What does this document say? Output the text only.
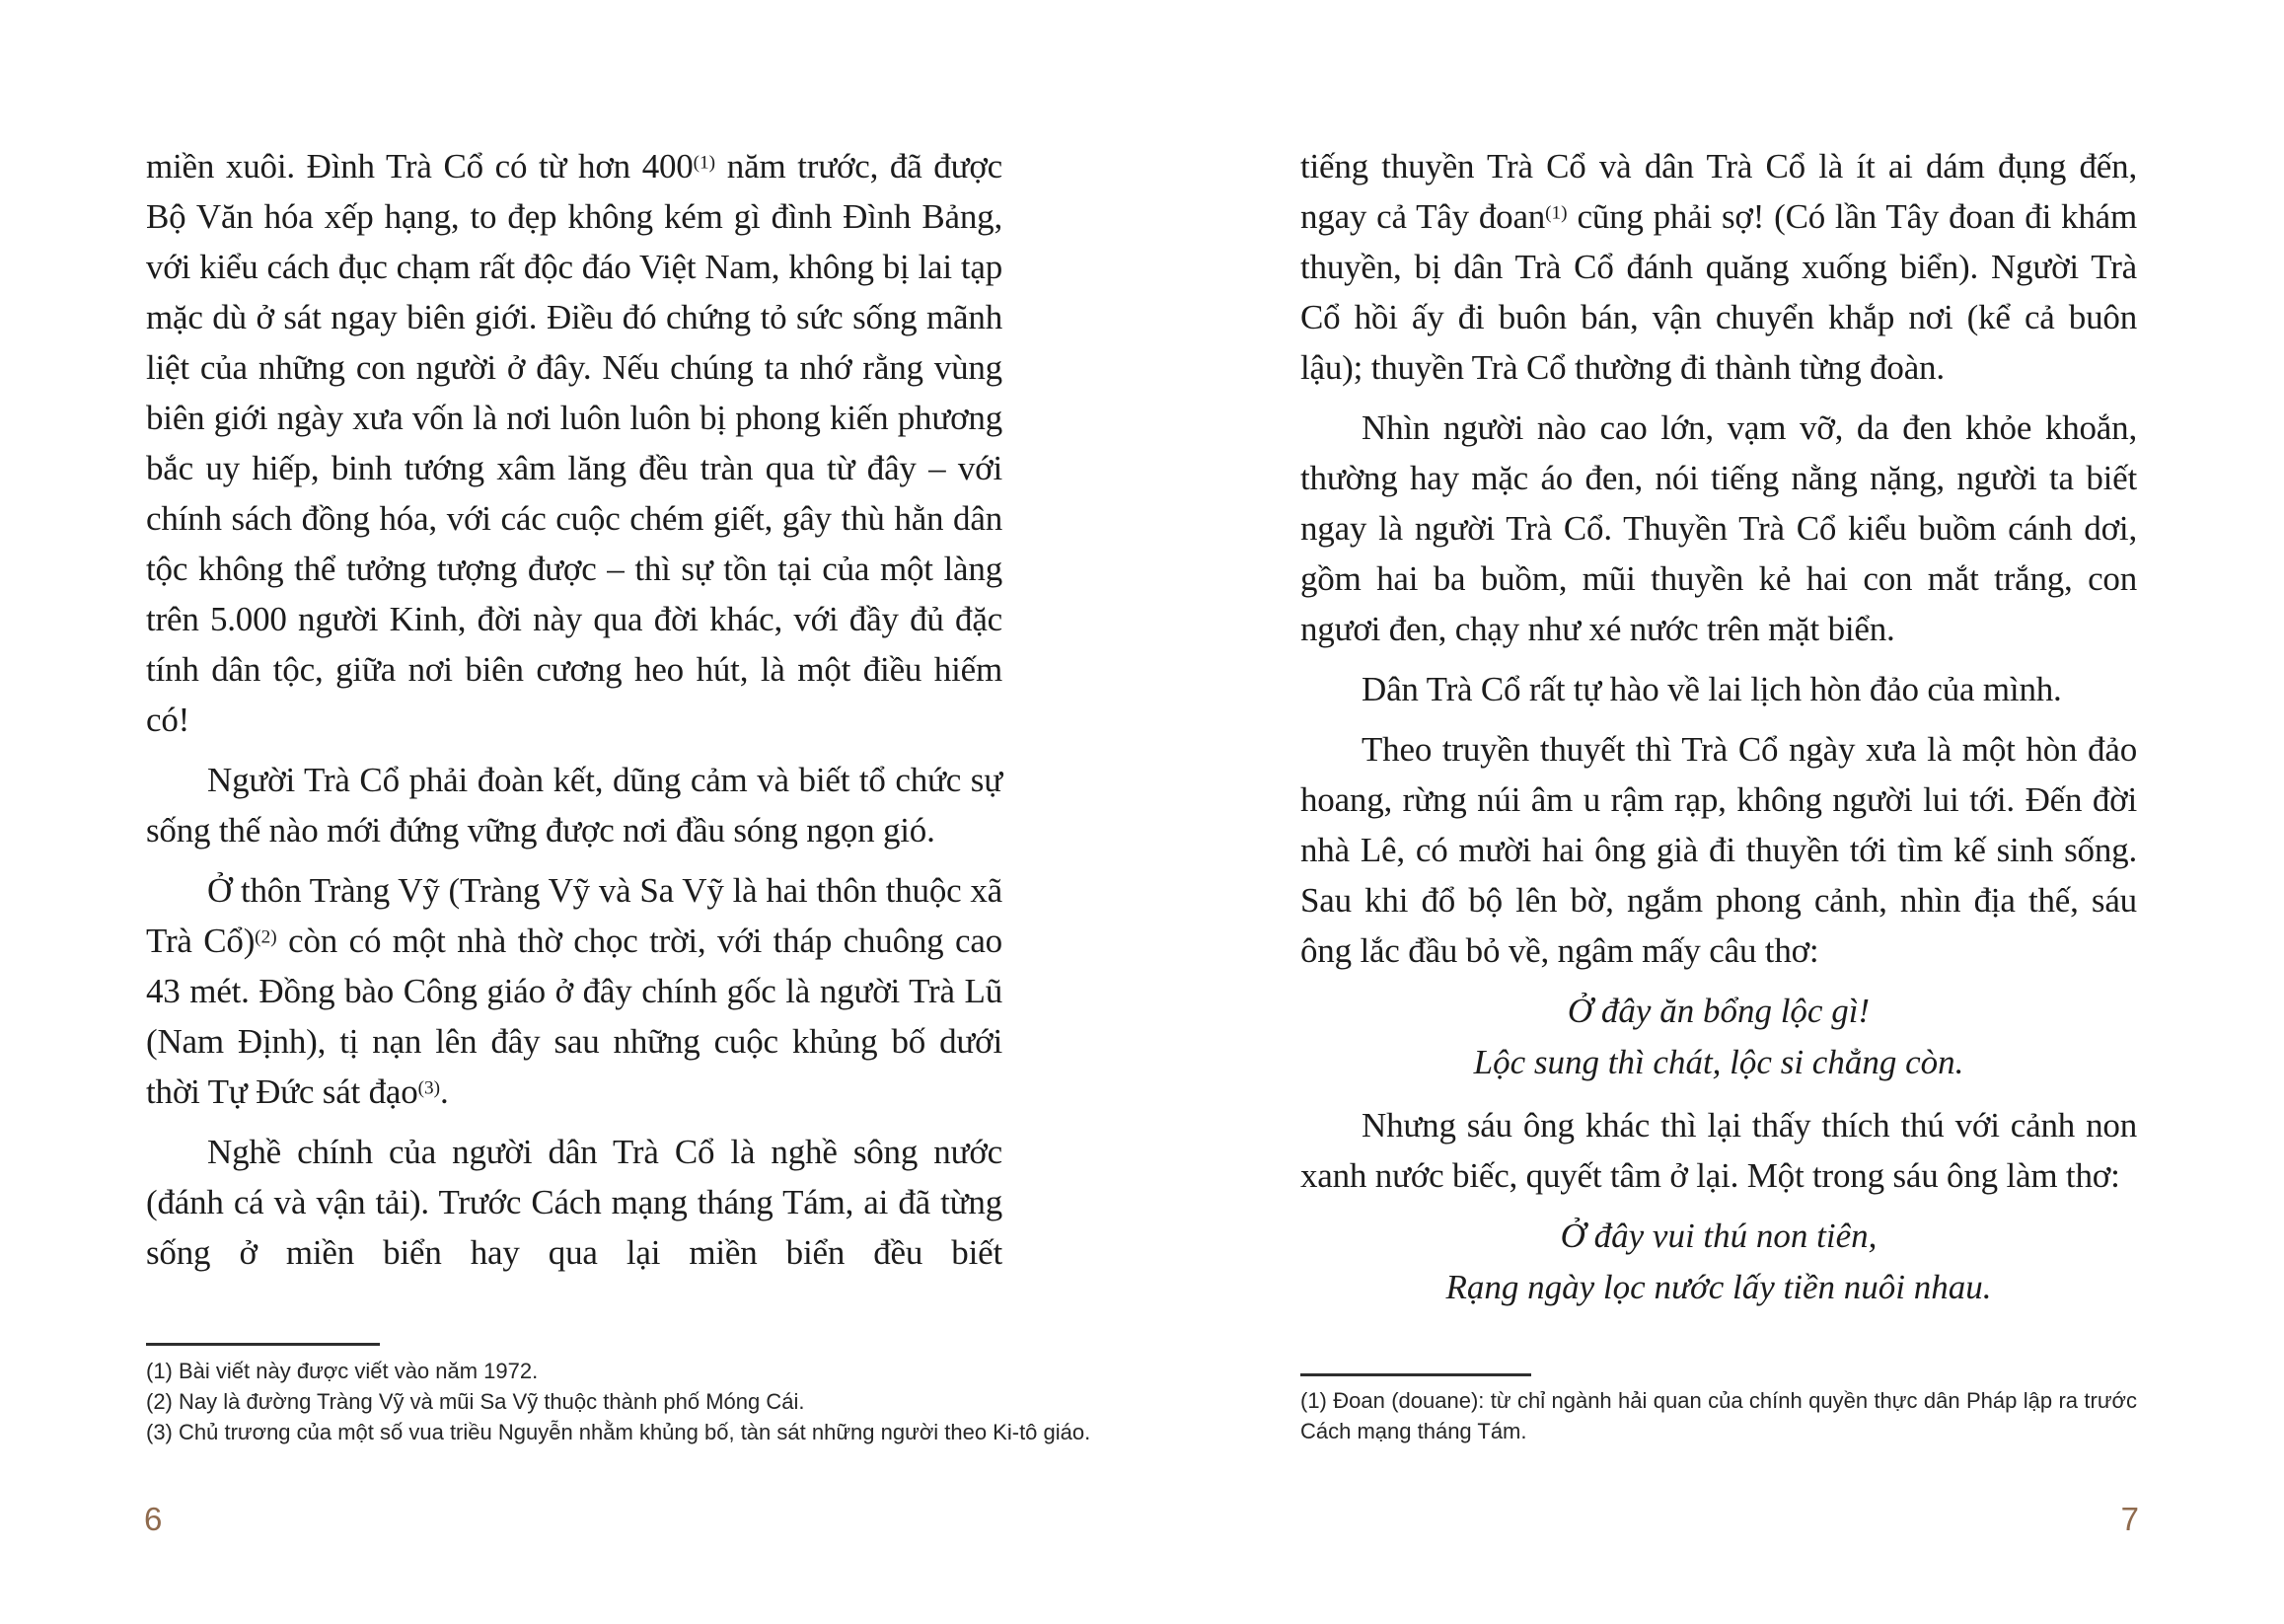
miền xuôi. Đình Trà Cổ có từ hơn 400$^{(1)}$ năm trước, đã được Bộ Văn hóa xếp hạng, to đẹp không kém gì đình Đình Bảng, với kiểu cách đục chạm rất độc đáo Việt Nam, không bị lai tạp mặc dù ở sát ngay biên giới. Điều đó chứng tỏ sức sống mãnh liệt của những con người ở đây. Nếu chúng ta nhớ rằng vùng biên giới ngày xưa vốn là nơi luôn luôn bị phong kiến phương bắc uy hiếp, binh tướng xâm lăng đều tràn qua từ đây – với chính sách đồng hóa, với các cuộc chém giết, gây thù hằn dân tộc không thể tưởng tượng được – thì sự tồn tại của một làng trên 5.000 người Kinh, đời này qua đời khác, với đầy đủ đặc tính dân tộc, giữa nơi biên cương heo hút, là một điều hiếm có!

Người Trà Cổ phải đoàn kết, dũng cảm và biết tổ chức sự sống thế nào mới đứng vững được nơi đầu sóng ngọn gió.

Ở thôn Tràng Vỹ (Tràng Vỹ và Sa Vỹ là hai thôn thuộc xã Trà Cổ)$^{(2)}$ còn có một nhà thờ chọc trời, với tháp chuông cao 43 mét. Đồng bào Công giáo ở đây chính gốc là người Trà Lũ (Nam Định), tị nạn lên đây sau những cuộc khủng bố dưới thời Tự Đức sát đạo$^{(3)}$.

Nghề chính của người dân Trà Cổ là nghề sông nước (đánh cá và vận tải). Trước Cách mạng tháng Tám, ai đã từng sống ở miền biển hay qua lại miền biển đều biết

(1) Bài viết này được viết vào năm 1972.
(2) Nay là đường Tràng Vỹ và mũi Sa Vỹ thuộc thành phố Móng Cái.
(3) Chủ trương của một số vua triều Nguyễn nhằm khủng bố, tàn sát những người theo Ki-tô giáo.
6

tiếng thuyền Trà Cổ và dân Trà Cổ là ít ai dám đụng đến, ngay cả Tây đoan$^{(1)}$ cũng phải sợ! (Có lần Tây đoan đi khám thuyền, bị dân Trà Cổ đánh quăng xuống biển). Người Trà Cổ hồi ấy đi buôn bán, vận chuyển khắp nơi (kể cả buôn lậu); thuyền Trà Cổ thường đi thành từng đoàn.

Nhìn người nào cao lớn, vạm vỡ, da đen khỏe khoắn, thường hay mặc áo đen, nói tiếng nằng nặng, người ta biết ngay là người Trà Cổ. Thuyền Trà Cổ kiểu buồm cánh dơi, gồm hai ba buồm, mũi thuyền kẻ hai con mắt trắng, con ngươi đen, chạy như xé nước trên mặt biển.

Dân Trà Cổ rất tự hào về lai lịch hòn đảo của mình.

Theo truyền thuyết thì Trà Cổ ngày xưa là một hòn đảo hoang, rừng núi âm u rậm rạp, không người lui tới. Đến đời nhà Lê, có mười hai ông già đi thuyền tới tìm kế sinh sống. Sau khi đổ bộ lên bờ, ngắm phong cảnh, nhìn địa thế, sáu ông lắc đầu bỏ về, ngâm mấy câu thơ:

Ở đây ăn bổng lộc gì!
Lộc sung thì chát, lộc si chẳng còn.

Nhưng sáu ông khác thì lại thấy thích thú với cảnh non xanh nước biếc, quyết tâm ở lại. Một trong sáu ông làm thơ:

Ở đây vui thú non tiên,
Rạng ngày lọc nước lấy tiền nuôi nhau.
(1) Đoan (douane): từ chỉ ngành hải quan của chính quyền thực dân Pháp lập ra trước Cách mạng tháng Tám.
7
